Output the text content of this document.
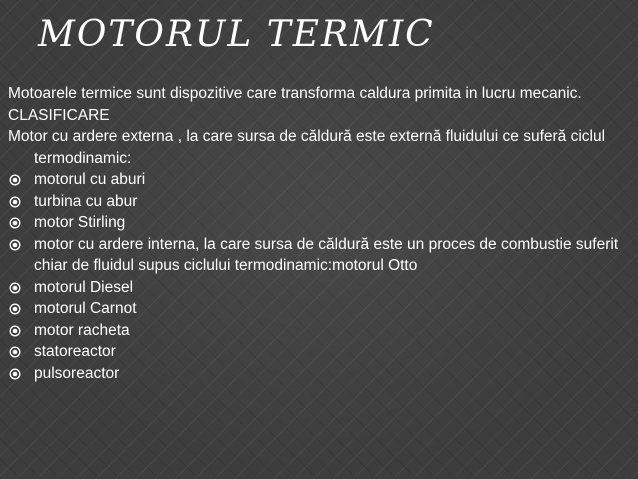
MOTORUL TERMIC

Motoarele termice sunt dispozitive care transforma caldura primita in lucru mecanic.

CLASIFICARE

Motor cu ardere externa , la care sursa de căldură este externă fluidului ce suferă ciclul termodinamic:

motorul cu aburi
turbina cu abur
motor Stirling
motor cu ardere interna, la care sursa de căldură este un proces de combustie suferit chiar de fluidul supus ciclului termodinamic:motorul Otto
motorul Diesel
motorul Carnot
motor racheta
statoreactor
pulsoreactor
